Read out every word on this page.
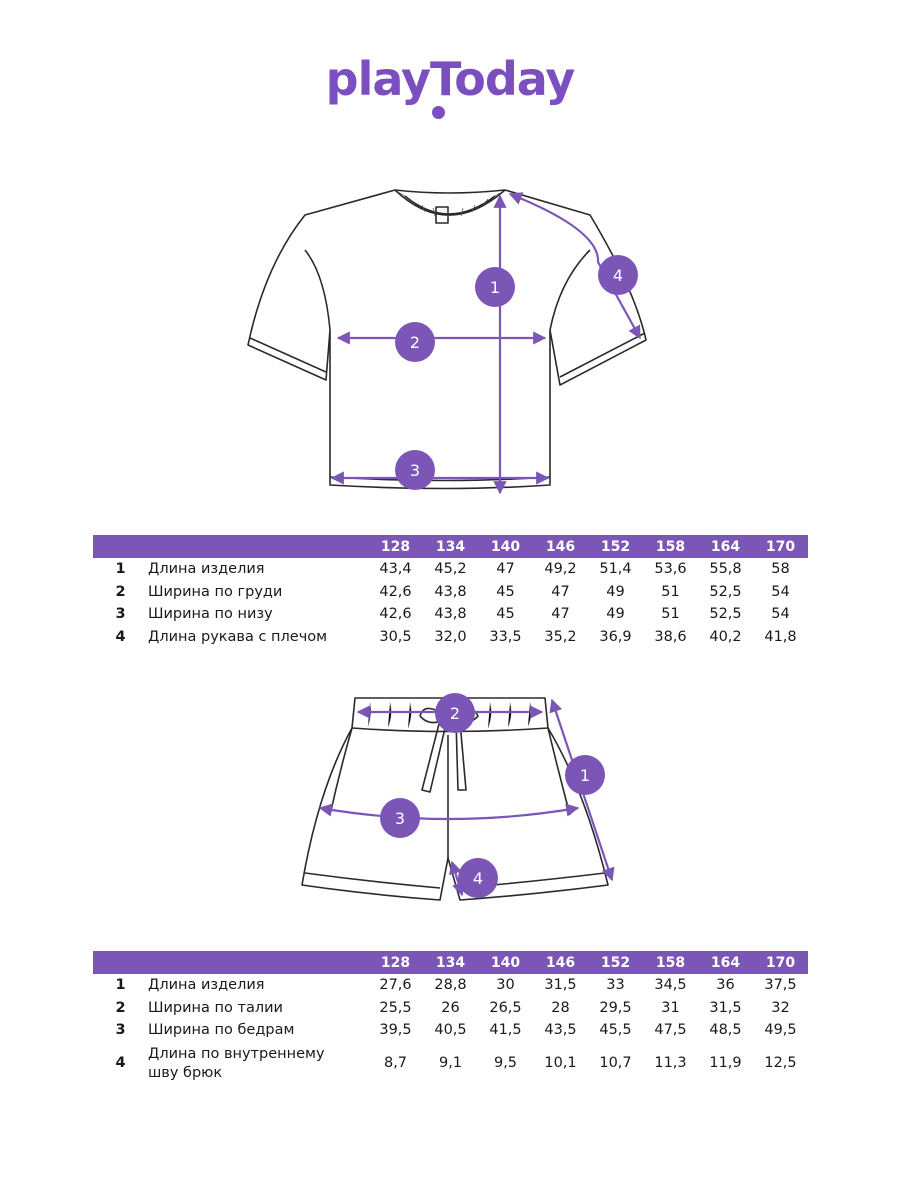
playToday
1
2
3
4
		128	134	140	146	152	158	164	170
1	Длина изделия	43,4	45,2	47	49,2	51,4	53,6	55,8	58
2	Ширина по груди	42,6	43,8	45	47	49	51	52,5	54
3	Ширина по низу	42,6	43,8	45	47	49	51	52,5	54
4	Длина рукава с плечом	30,5	32,0	33,5	35,2	36,9	38,6	40,2	41,8
1
2
3
4
		128	134	140	146	152	158	164	170
1	Длина изделия	27,6	28,8	30	31,5	33	34,5	36	37,5
2	Ширина по талии	25,5	26	26,5	28	29,5	31	31,5	32
3	Ширина по бедрам	39,5	40,5	41,5	43,5	45,5	47,5	48,5	49,5
4	Длина по внутреннему
шву брюк	8,7	9,1	9,5	10,1	10,7	11,3	11,9	12,5
